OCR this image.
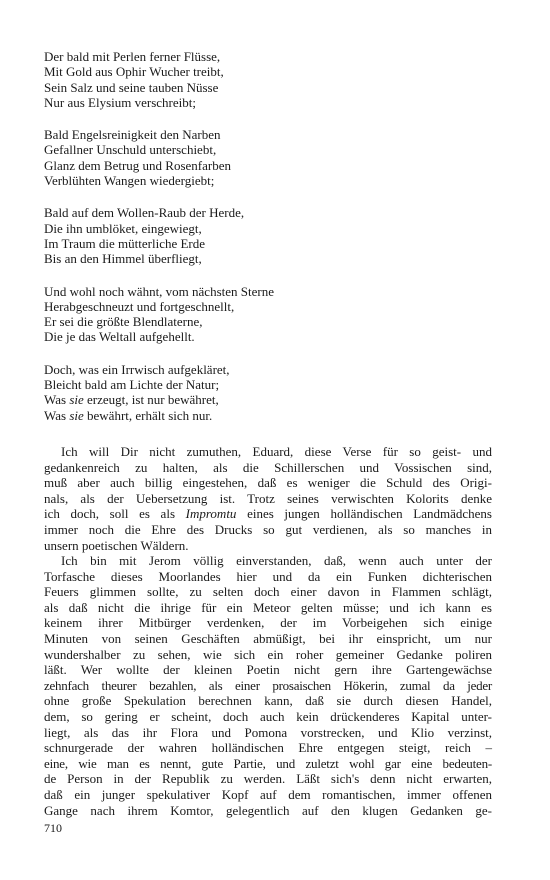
Der bald mit Perlen ferner Flüsse,
Mit Gold aus Ophir Wucher treibt,
Sein Salz und seine tauben Nüsse
Nur aus Elysium verschreibt;
Bald Engelsreinigkeit den Narben
Gefallner Unschuld unterschiebt,
Glanz dem Betrug und Rosenfarben
Verblühten Wangen wiedergiebt;
Bald auf dem Wollen-Raub der Herde,
Die ihn umblöket, eingewiegt,
Im Traum die mütterliche Erde
Bis an den Himmel überfliegt,
Und wohl noch wähnt, vom nächsten Sterne
Herabgeschneuzt und fortgeschnellt,
Er sei die größte Blendlaterne,
Die je das Weltall aufgehellt.
Doch, was ein Irrwisch aufgekläret,
Bleicht bald am Lichte der Natur;
Was sie erzeugt, ist nur bewähret,
Was sie bewährt, erhält sich nur.
Ich will Dir nicht zumuthen, Eduard, diese Verse für so geist- und
gedankenreich zu halten, als die Schillerschen und Vossischen sind,
muß aber auch billig eingestehen, daß es weniger die Schuld des Origi-
nals, als der Uebersetzung ist. Trotz seines verwischten Kolorits denke
ich doch, soll es als Impromtu eines jungen holländischen Landmädchens
immer noch die Ehre des Drucks so gut verdienen, als so manches in
unsern poetischen Wäldern.
Ich bin mit Jerom völlig einverstanden, daß, wenn auch unter der
Torfasche dieses Moorlandes hier und da ein Funken dichterischen
Feuers glimmen sollte, zu selten doch einer davon in Flammen schlägt,
als daß nicht die ihrige für ein Meteor gelten müsse; und ich kann es
keinem ihrer Mitbürger verdenken, der im Vorbeigehen sich einige
Minuten von seinen Geschäften abmüßigt, bei ihr einspricht, um nur
wundershalber zu sehen, wie sich ein roher gemeiner Gedanke poliren
läßt. Wer wollte der kleinen Poetin nicht gern ihre Gartengewächse
zehnfach theurer bezahlen, als einer prosaischen Hökerin, zumal da jeder
ohne große Spekulation berechnen kann, daß sie durch diesen Handel,
dem, so gering er scheint, doch auch kein drückenderes Kapital unter-
liegt, als das ihr Flora und Pomona vorstrecken, und Klio verzinst,
schnurgerade der wahren holländischen Ehre entgegen steigt, reich –
eine, wie man es nennt, gute Partie, und zuletzt wohl gar eine bedeuten-
de Person in der Republik zu werden. Läßt sich's denn nicht erwarten,
daß ein junger spekulativer Kopf auf dem romantischen, immer offenen
Gange nach ihrem Komtor, gelegentlich auf den klugen Gedanken ge-
710
